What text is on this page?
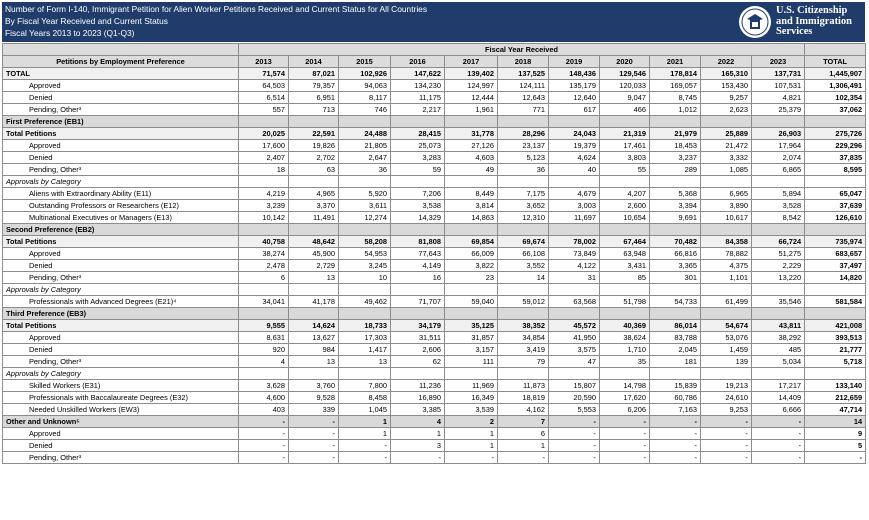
Number of Form I-140, Immigrant Petition for Alien Worker Petitions Received and Current Status for All Countries
By Fiscal Year Received and Current Status
Fiscal Years 2013 to 2023 (Q1-Q3)
U.S. Citizenship
and Immigration
Services
	Fiscal Year Received											
Petitions by Employment Preference	2013	2014	2015	2016	2017	2018	2019	2020	2021	2022	2023	TOTAL
TOTAL	71,574	87,021	102,926	147,622	139,402	137,525	148,436	129,546	178,814	165,310	137,731	1,445,907
Approved	64,503	79,357	94,063	134,230	124,997	124,111	135,179	120,033	169,057	153,430	107,531	1,306,491
Denied	6,514	6,951	8,117	11,175	12,444	12,643	12,640	9,047	8,745	9,257	4,821	102,354
Pending, Other³	557	713	746	2,217	1,961	771	617	466	1,012	2,623	25,379	37,062
First Preference (EB1)												
Total Petitions	20,025	22,591	24,488	28,415	31,778	28,296	24,043	21,319	21,979	25,889	26,903	275,726
Approved	17,600	19,826	21,805	25,073	27,126	23,137	19,379	17,461	18,453	21,472	17,964	229,296
Denied	2,407	2,702	2,647	3,283	4,603	5,123	4,624	3,803	3,237	3,332	2,074	37,835
Pending, Other³	18	63	36	59	49	36	40	55	289	1,085	6,865	8,595
Approvals by Category												
Aliens with Extraordinary Ability (E11)	4,219	4,965	5,920	7,206	8,449	7,175	4,679	4,207	5,368	6,965	5,894	65,047
Outstanding Professors or Researchers (E12)	3,239	3,370	3,611	3,538	3,814	3,652	3,003	2,600	3,394	3,890	3,528	37,639
Multinational Executives or Managers (E13)	10,142	11,491	12,274	14,329	14,863	12,310	11,697	10,654	9,691	10,617	8,542	126,610
Second Preference (EB2)												
Total Petitions	40,758	48,642	58,208	81,808	69,854	69,674	78,002	67,464	70,482	84,358	66,724	735,974
Approved	38,274	45,900	54,953	77,643	66,009	66,108	73,849	63,948	66,816	78,882	51,275	683,657
Denied	2,478	2,729	3,245	4,149	3,822	3,552	4,122	3,431	3,365	4,375	2,229	37,497
Pending, Other³	6	13	10	16	23	14	31	85	301	1,101	13,220	14,820
Approvals by Category												
Professionals with Advanced Degrees (E21)⁴	34,041	41,178	49,462	71,707	59,040	59,012	63,568	51,798	54,733	61,499	35,546	581,584
Third Preference (EB3)												
Total Petitions	9,555	14,624	18,733	34,179	35,125	38,352	45,572	40,369	86,014	54,674	43,811	421,008
Approved	8,631	13,627	17,303	31,511	31,857	34,854	41,950	38,624	83,788	53,076	38,292	393,513
Denied	920	984	1,417	2,606	3,157	3,419	3,575	1,710	2,045	1,459	485	21,777
Pending, Other³	4	13	13	62	111	79	47	35	181	139	5,034	5,718
Approvals by Category												
Skilled Workers (E31)	3,628	3,760	7,800	11,236	11,969	11,873	15,807	14,798	15,839	19,213	17,217	133,140
Professionals with Baccalaureate Degrees (E32)	4,600	9,528	8,458	16,890	16,349	18,819	20,590	17,620	60,786	24,610	14,409	212,659
Needed Unskilled Workers (EW3)	403	339	1,045	3,385	3,539	4,162	5,553	6,206	7,163	9,253	6,666	47,714
Other and Unknown⁵	-	-	1	4	2	7	-	-	-	-	-	14
Approved	-	-	1	1	1	6	-	-	-	-	-	9
Denied	-	-	-	3	1	1	-	-	-	-	-	5
Pending, Other³	-	-	-	-	-	-	-	-	-	-	-	-
